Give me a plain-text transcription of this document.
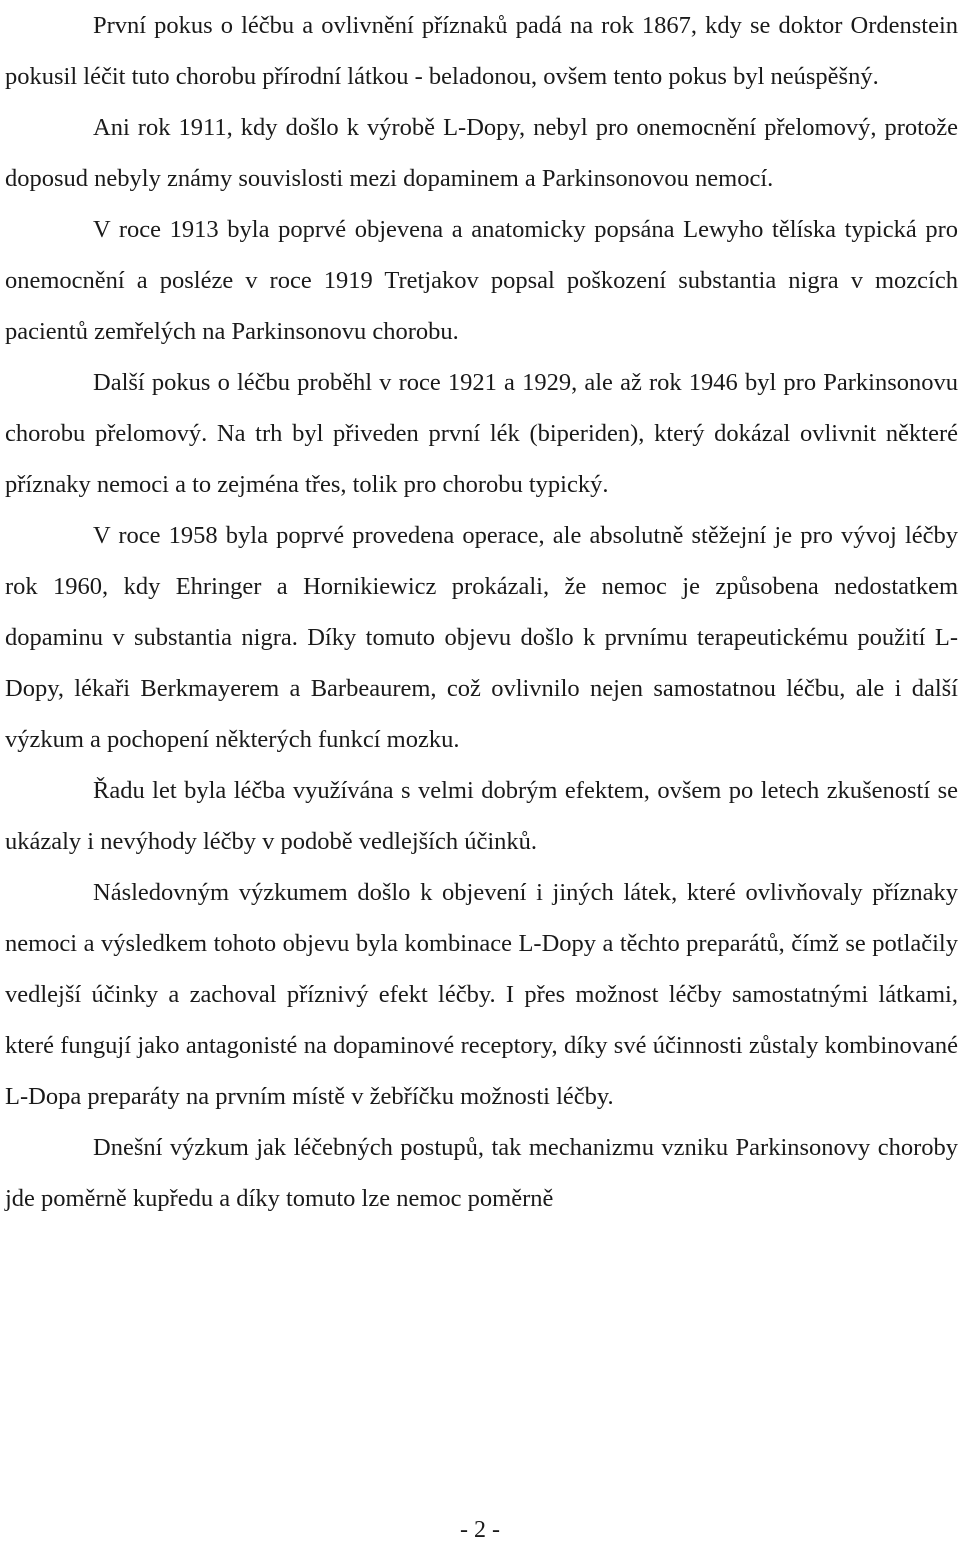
První pokus o léčbu a ovlivnění příznaků padá na rok 1867, kdy se doktor Ordenstein pokusil léčit tuto chorobu přírodní látkou - beladonou, ovšem tento pokus byl neúspěšný.

Ani rok 1911, kdy došlo k výrobě L-Dopy, nebyl pro onemocnění přelomový, protože doposud nebyly známy souvislosti mezi dopaminem a Parkinsonovou nemocí.

V roce 1913 byla poprvé objevena a anatomicky popsána Lewyho tělíska typická pro onemocnění a posléze v roce 1919 Tretjakov popsal poškození substantia nigra v mozcích pacientů zemřelých na Parkinsonovu chorobu.

Další pokus o léčbu proběhl v roce 1921 a 1929, ale až rok 1946 byl pro Parkinsonovu chorobu přelomový. Na trh byl přiveden první lék (biperiden), který dokázal ovlivnit některé příznaky nemoci a to zejména třes, tolik pro chorobu typický.

V roce 1958 byla poprvé provedena operace, ale absolutně stěžejní je pro vývoj léčby rok 1960, kdy Ehringer a Hornikiewicz prokázali, že nemoc je způsobena nedostatkem dopaminu v substantia nigra. Díky tomuto objevu došlo k prvnímu terapeutickému použití L-Dopy, lékaři Berkmayerem a Barbeaurem, což ovlivnilo nejen samostatnou léčbu, ale i další výzkum a pochopení některých funkcí mozku.

Řadu let byla léčba využívána s velmi dobrým efektem, ovšem po letech zkušeností se ukázaly i nevýhody léčby v podobě vedlejších účinků.

Následovným výzkumem došlo k objevení i jiných látek, které ovlivňovaly příznaky nemoci a výsledkem tohoto objevu byla kombinace L-Dopy a těchto preparátů, čímž se potlačily vedlejší účinky a zachoval příznivý efekt léčby. I přes možnost léčby samostatnými látkami, které fungují jako antagonisté na dopaminové receptory, díky své účinnosti zůstaly kombinované L-Dopa preparáty na prvním místě v žebříčku možnosti léčby.

Dnešní výzkum jak léčebných postupů, tak mechanizmu vzniku Parkinsonovy choroby jde poměrně kupředu a díky tomuto lze nemoc poměrně

- 2 -
